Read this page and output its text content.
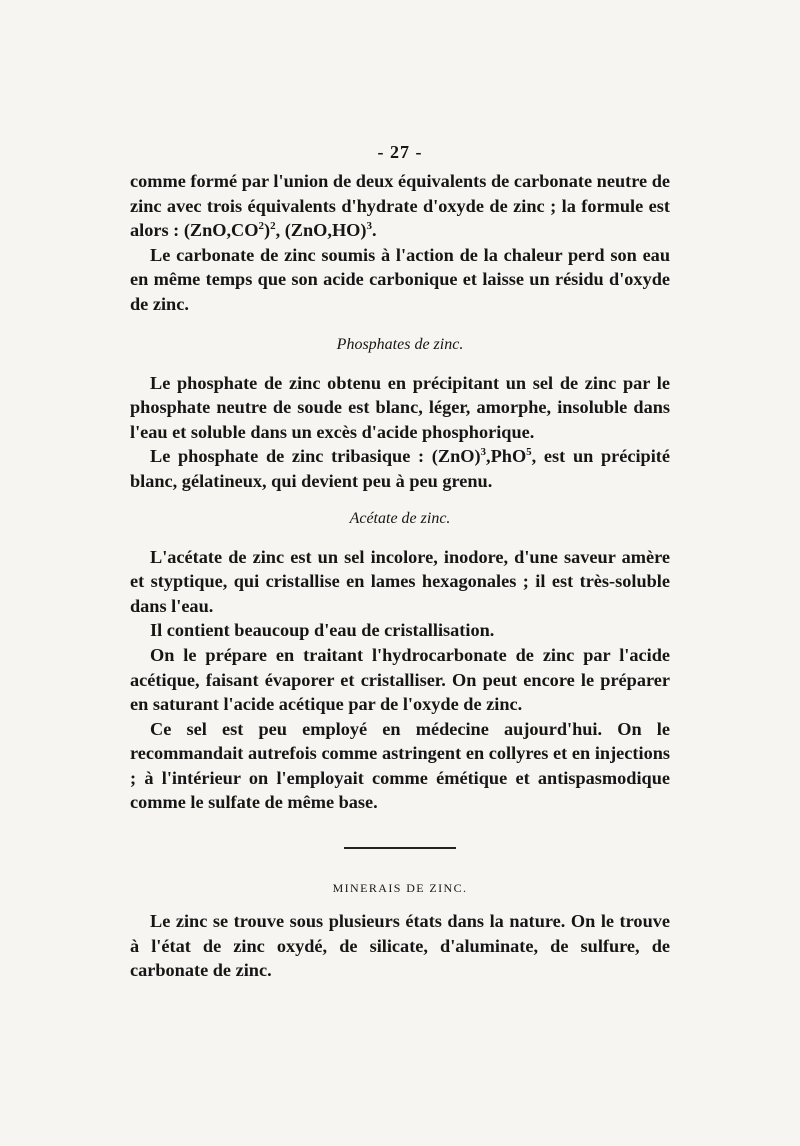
- 27 -

comme formé par l'union de deux équivalents de carbonate neutre de zinc avec trois équivalents d'hydrate d'oxyde de zinc ; la formule est alors : $(ZnO,CO^2)^2$, $(ZnO,HO)^3$.

Le carbonate de zinc soumis à l'action de la chaleur perd son eau en même temps que son acide carbonique et laisse un résidu d'oxyde de zinc.

Phosphates de zinc.

Le phosphate de zinc obtenu en précipitant un sel de zinc par le phosphate neutre de soude est blanc, léger, amorphe, insoluble dans l'eau et soluble dans un excès d'acide phosphorique.

Le phosphate de zinc tribasique : (ZnO)$^3$,PhO$^5$, est un précipité blanc, gélatineux, qui devient peu à peu grenu.

Acétate de zinc.

L'acétate de zinc est un sel incolore, inodore, d'une saveur amère et styptique, qui cristallise en lames hexagonales ; il est très-soluble dans l'eau.

Il contient beaucoup d'eau de cristallisation.

On le prépare en traitant l'hydrocarbonate de zinc par l'acide acétique, faisant évaporer et cristalliser. On peut encore le préparer en saturant l'acide acétique par de l'oxyde de zinc.

Ce sel est peu employé en médecine aujourd'hui. On le recommandait autrefois comme astringent en collyres et en injections ; à l'intérieur on l'employait comme émétique et antispasmodique comme le sulfate de même base.

MINERAIS DE ZINC.

Le zinc se trouve sous plusieurs états dans la nature. On le trouve à l'état de zinc oxydé, de silicate, d'aluminate, de sulfure, de carbonate de zinc.
